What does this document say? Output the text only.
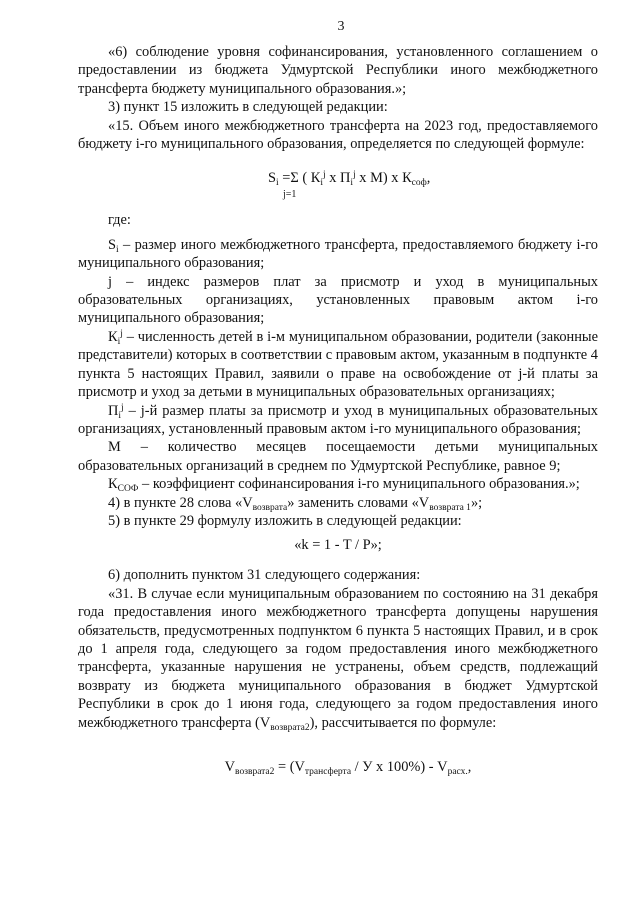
3

«6) соблюдение уровня софинансирования, установленного соглашением о предоставлении из бюджета Удмуртской Республики иного межбюджетного трансферта бюджету муниципального образования.»;

3) пункт 15 изложить в следующей редакции:

«15. Объем иного межбюджетного трансферта на 2023 год, предоставляемого бюджету i-го муниципального образования, определяется по следующей формуле:

$S_i =\Sigma$ ( $К_i^j$ x $П_i^j$ x М) x $К_{соф}$,
j=1

где:

$S_i$ – размер иного межбюджетного трансферта, предоставляемого бюджету i-го муниципального образования;

j – индекс размеров плат за присмотр и уход в муниципальных образовательных организациях, установленных правовым актом i-го муниципального образования;

$К_i^j$ – численность детей в i-м муниципальном образовании, родители (законные представители) которых в соответствии с правовым актом, указанным в подпункте 4 пункта 5 настоящих Правил, заявили о праве на освобождение от j-й платы за присмотр и уход за детьми в муниципальных образовательных организациях;

$П_i^j - j-й$ размер платы за присмотр и уход в муниципальных образовательных организациях, установленный правовым актом i-го муниципального образования;

М – количество месяцев посещаемости детьми муниципальных образовательных организаций в среднем по Удмуртской Республике, равное 9;

$К_{СОФ}$ – коэффициент софинансирования i-го муниципального образования.»;

4) в пункте 28 слова «$V_{возврата}$» заменить словами «$V_{возврата 1}$»;

5) в пункте 29 формулу изложить в следующей редакции:

«k = 1 - T / P»;

6) дополнить пунктом 31 следующего содержания:

«31. В случае если муниципальным образованием по состоянию на 31 декабря года предоставления иного межбюджетного трансферта допущены нарушения обязательств, предусмотренных подпунктом 6 пункта 5 настоящих Правил, и в срок до 1 апреля года, следующего за годом предоставления иного межбюджетного трансферта, указанные нарушения не устранены, объем средств, подлежащий возврату из бюджета муниципального образования в бюджет Удмуртской Республики в срок до 1 июня года, следующего за годом предоставления иного межбюджетного трансферта $(V_{возврата2})$, рассчитывается по формуле:

$V_{возврата2} = (V_{трансферта} / У$ x $100\%) - V_{расх.}$,
